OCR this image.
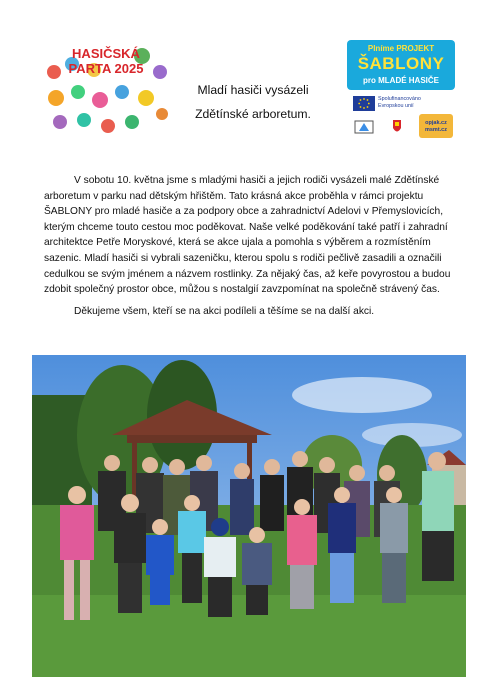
HASIČSKÁ
PARTA 2025
Mladí hasiči vysázeli
Zdětínské arboretum.
Plníme PROJEKT
ŠABLONY
pro MLADÉ HASIČE
Spolufinancováno
Evropskou unií
opjak.cz
msmt.cz

V sobotu 10. května jsme s mladými hasiči a jejich rodiči vysázeli malé Zdětínské arboretum v parku nad dětským hřištěm. Tato krásná akce proběhla v rámci projektu ŠABLONY pro mladé hasiče a za podpory obce a zahradnictví Adelovi v Přemyslovicích, kterým chceme touto cestou moc poděkovat. Naše velké poděkování také patří i zahradní architektce Petře Moryskové, která se akce ujala a pomohla s výběrem a rozmístěním sazenic. Mladí hasiči si vybrali sazeničku, kterou spolu s rodiči pečlivě zasadili a označili cedulkou se svým jménem a názvem rostlinky. Za nějaký čas, až keře povyrostou a budou zdobit společný prostor obce, můžou s nostalgií zavzpomínat na společně strávený čas.

Děkujeme všem, kteří se na akci podíleli a těšíme se na další akci.
